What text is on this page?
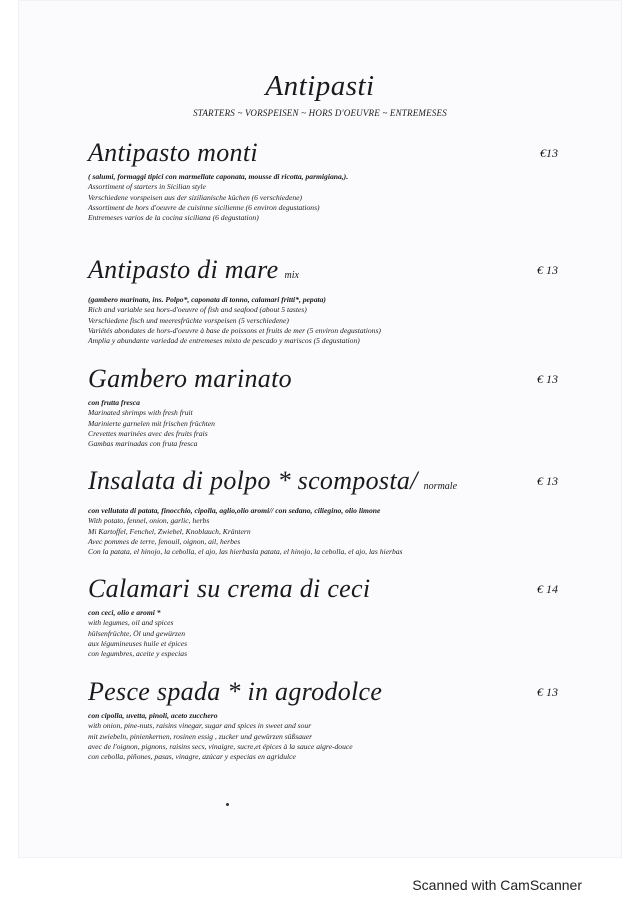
Antipasti
STARTERS ~ VORSPEISEN ~ HORS D'OEUVRE ~ ENTREMESES
Antipasto monti	€13
( salumi, formaggi tipici con marmellate caponata, mousse di ricotta, parmigiana,).
Assortiment of starters in Sicilian style
Verschiedene vorspeisen aus der sizilianische küchen (6 verschiedene)
Assortiment de hors d'oeuvre de cuisinne sicilienne (6 environ degustations)
Entremeses varios de la cocina siciliana (6 degustation)
Antipasto di mare mix	€ 13
(gambero marinato, ins. Polpo*, caponata di tonno, calamari fritti*, pepata)
Rich and variable sea hors-d'oeuvre of fish and seafood (about 5 tastes)
Verschiedene fisch und meeresfrüchte vorspeisen (5 verschiedene)
Variétés abondates de hors-d'oeuvre à base de poissons et fruits de mer (5 environ degustations)
Amplia y abundante variedad de entremeses mixto de pescado y mariscos (5 degustation)
Gambero marinato	€ 13
con frutta fresca
Marinated shrimps with fresh fruit
Marinierte garnelen mit frischen früchten
Crevettes marinées avec des fruits frais
Gambas marinadas con fruta fresca
Insalata di polpo * scomposta/ normale	€ 13
con vellutata di patata, finocchio, cipolla, aglio,olio aromi// con sedano, ciliegino, olio limone
With potato, fennel, onion, garlic, herbs
Mi Kartoffel, Fenchel, Zwiebel, Knoblauch, Kräntern
Avec pommes de terre, fenouil, oignon, ail, herbes
Con la patata, el hinojo, la cebolla, el ajo, las hierbasla patata, el hinojo, la cebolla, el ajo, las hierbas
Calamari su crema di ceci	€ 14
con ceci, olio e aromi *
with legumes, oil and spices
hülsenfrüchte, Öl und gewürzen
aux légumineuses huile et épices
con legumbres, aceite y especias
Pesce spada * in agrodolce	€ 13
con cipolla, uvetta, pinoli, aceto zucchero
with onion, pine-nuts, raisins vinegar, sugar and spices in sweet and sour
mit zwiebeln, pinienkernen, rosinen essig , zucker und gewürzen süßsauer
avec de l'oignon, pignons, raisins secs, vinaigre, sucre,et épices à la sauce aigre-douce
con cebolla, piñones, pasas, vinagre, azúcar y especias en agridulce
Scanned with CamScanner
